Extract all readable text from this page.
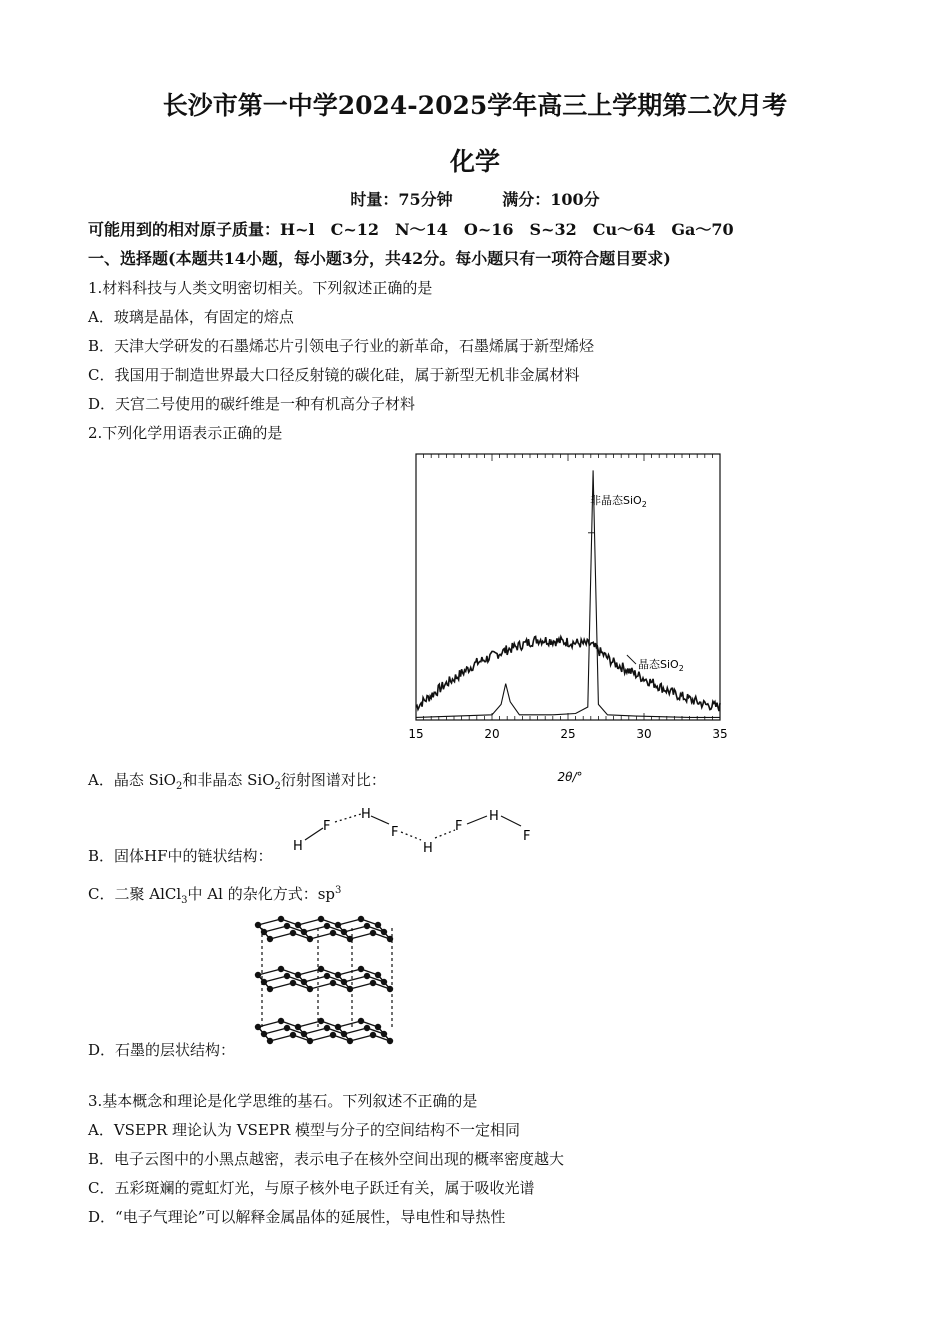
长沙市第一中学2024-2025学年高三上学期第二次月考
化学
时量：75分钟	满分：100分
可能用到的相对原子质量：H~l　C~12　N～14　O~16　S~32　Cu～64　Ga～70
一、选择题(本题共14小题，每小题3分，共42分。每小题只有一项符合题目要求)
1.材料科技与人类文明密切相关。下列叙述正确的是
A．玻璃是晶体，有固定的熔点
B．天津大学研发的石墨烯芯片引领电子行业的新革命，石墨烯属于新型烯烃
C．我国用于制造世界最大口径反射镜的碳化硅，属于新型无机非金属材料
D．天宫二号使用的碳纤维是一种有机高分子材料
2.下列化学用语表示正确的是
15	20	25	30	35
非晶态SiO$_2$
晶态SiO$_2$
2θ/°
A．晶态 SiO$_2$和非晶态 SiO$_2$衍射图谱对比：
H
F
H
F
H
F
H
F
B．固体HF中的链状结构：
C．二聚 AlCl$_3$中 Al 的杂化方式：$sp^3$
D．石墨的层状结构：
3.基本概念和理论是化学思维的基石。下列叙述不正确的是
A．VSEPR 理论认为 VSEPR 模型与分子的空间结构不一定相同
B．电子云图中的小黑点越密，表示电子在核外空间出现的概率密度越大
C．五彩斑斓的霓虹灯光，与原子核外电子跃迁有关，属于吸收光谱
D．“电子气理论”可以解释金属晶体的延展性，导电性和导热性
